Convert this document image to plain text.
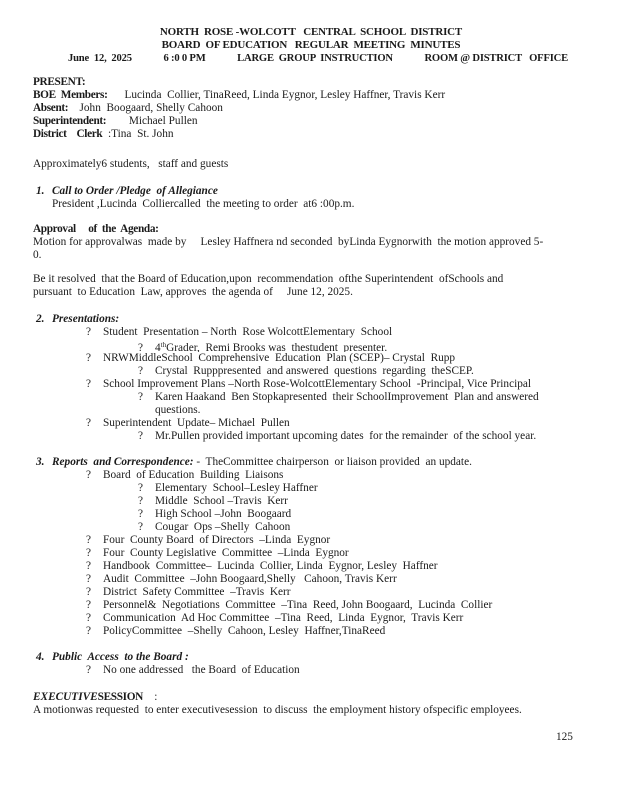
NORTH  ROSE -WOLCOTT   CENTRAL  SCHOOL  DISTRICT
BOARD  OF EDUCATION   REGULAR  MEETING  MINUTES
June  12,  2025	6 :0 0 PM	LARGE  GROUP  INSTRUCTION	ROOM @ DISTRICT   OFFICE
PRESENT:
BOE  Members:      Lucinda  Collier, TinaReed, Linda Eygnor, Lesley Haffner, Travis Kerr
Absent:    John  Boogaard, Shelly Cahoon
Superintendent:        Michael Pullen
District    Clerk  :Tina  St. John
Approximately6 students,   staff and guests
1. Call to Order /Pledge  of Allegiance
President ,Lucinda  Colliercalled  the meeting to order  at6 :00p.m.
Approval     of  the  Agenda:
Motion for approvalwas  made by     Lesley Haffnera nd seconded  byLinda Eygnorwith  the motion approved 5-
0.
Be it resolved  that the Board of Education,upon  recommendation  ofthe Superintendent  ofSchools and
pursuant  to Education  Law, approves  the agenda of     June 12, 2025.
2. Presentations:
? Student  Presentation – North  Rose WolcottElementary  School
? 4thGrader,  Remi Brooks was  thestudent  presenter.
? NRWMiddleSchool  Comprehensive  Education  Plan (SCEP)– Crystal  Rupp
? Crystal  Rupppresented  and answered  questions  regarding  theSCEP.
? School Improvement Plans –North Rose-WolcottElementary School  -Principal, Vice Principal
? Karen Haakand  Ben Stopkapresented  their SchoolImprovement  Plan and answered
questions.
? Superintendent  Update– Michael  Pullen
? Mr.Pullen provided important upcoming dates  for the remainder  of the school year.
3. Reports  and Correspondence: -  TheCommittee chairperson  or liaison provided  an update.
? Board  of Education  Building  Liaisons
? Elementary  School–Lesley Haffner
? Middle  School –Travis  Kerr
? High School –John  Boogaard
? Cougar  Ops –Shelly  Cahoon
? Four  County Board  of Directors  –Linda  Eygnor
? Four  County Legislative  Committee  –Linda  Eygnor
? Handbook  Committee–  Lucinda  Collier, Linda  Eygnor, Lesley  Haffner
? Audit  Committee  –John Boogaard,Shelly   Cahoon, Travis Kerr
? District  Safety Committee  –Travis  Kerr
? Personnel&  Negotiations  Committee  –Tina  Reed, John Boogaard,  Lucinda  Collier
? Communication  Ad Hoc Committee  –Tina  Reed,  Linda  Eygnor,  Travis Kerr
? PolicyCommittee  –Shelly  Cahoon, Lesley  Haffner,TinaReed
4. Public  Access  to the Board :
? No one addressed   the Board  of Education
EXECUTIVESESSION    :
A motionwas requested  to enter executivesession  to discuss  the employment history ofspecific employees.
125
